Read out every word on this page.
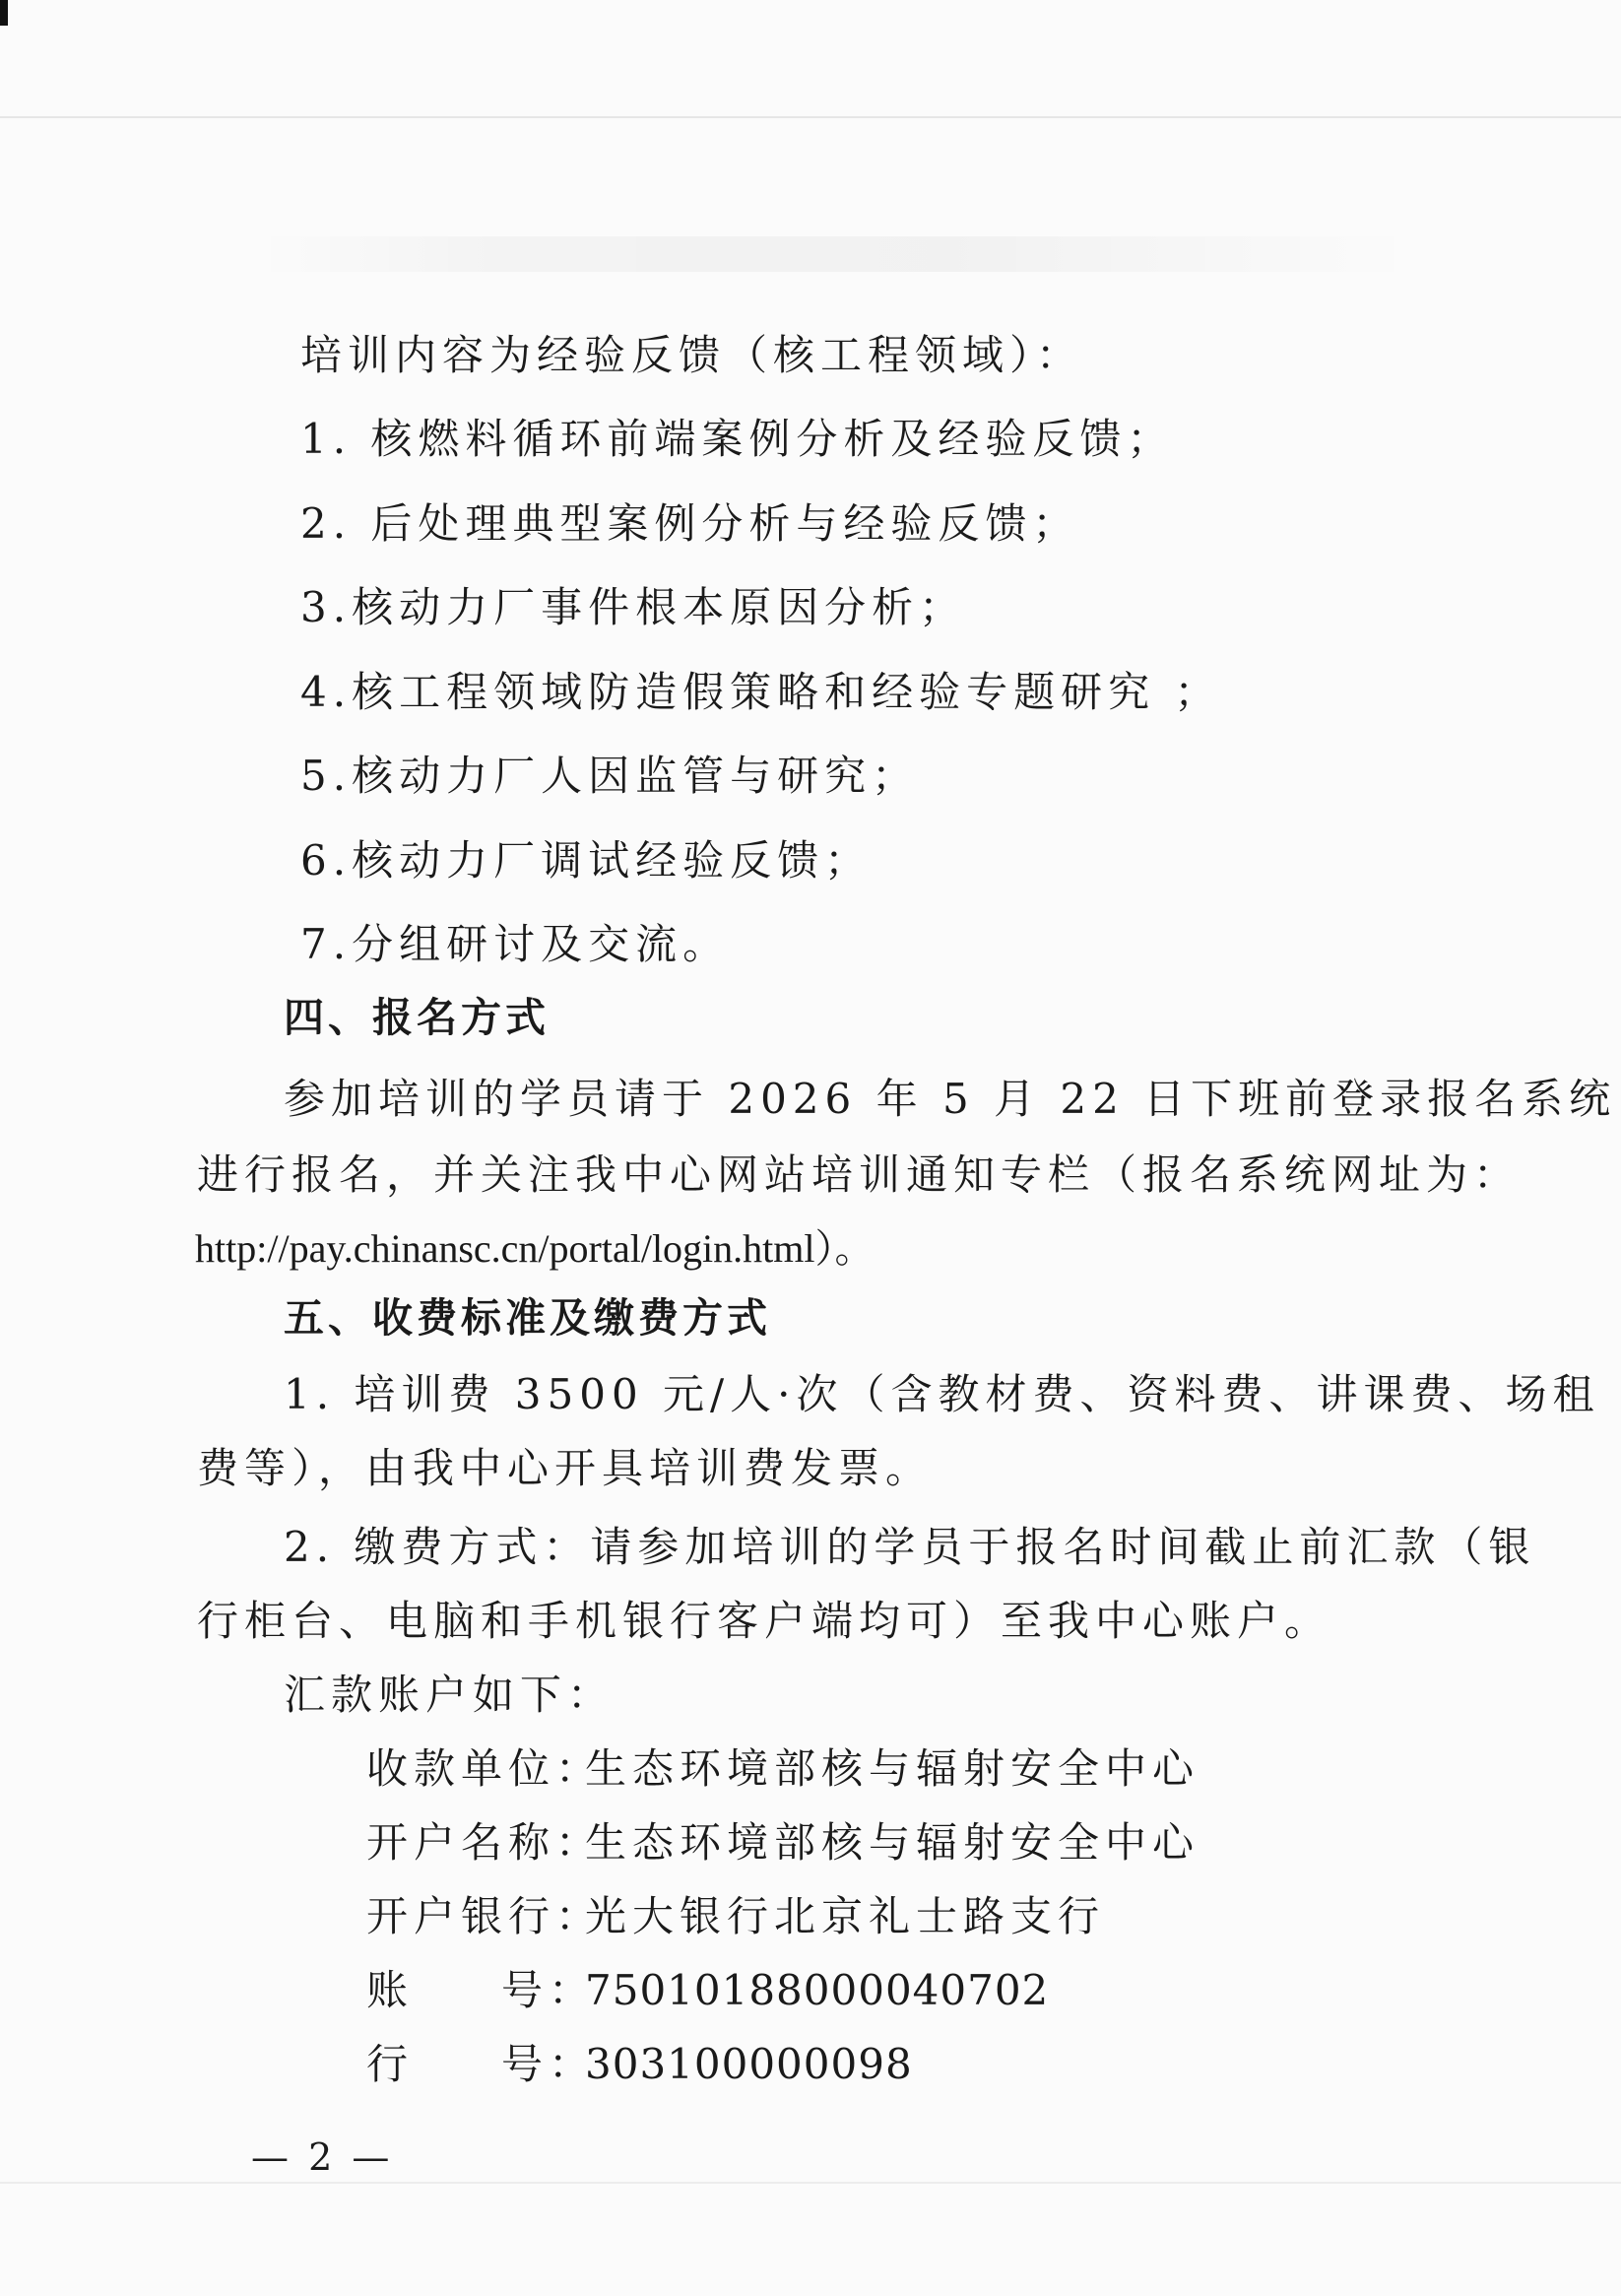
培训内容为经验反馈（核工程领域）：
1. 核燃料循环前端案例分析及经验反馈；
2. 后处理典型案例分析与经验反馈；
3.核动力厂事件根本原因分析；
4.核工程领域防造假策略和经验专题研究 ；
5.核动力厂人因监管与研究；
6.核动力厂调试经验反馈；
7.分组研讨及交流。
四、报名方式
参加培训的学员请于 2026 年 5 月 22 日下班前登录报名系统
进行报名，并关注我中心网站培训通知专栏（报名系统网址为：
http://pay.chinansc.cn/portal/login.html）。
五、收费标准及缴费方式
1. 培训费 3500 元/人·次（含教材费、资料费、讲课费、场租
费等），由我中心开具培训费发票。
2. 缴费方式：请参加培训的学员于报名时间截止前汇款（银
行柜台、电脑和手机银行客户端均可）至我中心账户。
汇款账户如下：
收款单位：生态环境部核与辐射安全中心
开户名称：生态环境部核与辐射安全中心
开户银行：光大银行北京礼士路支行
账 号：75010188000040702
行 号：303100000098
— 2 —
